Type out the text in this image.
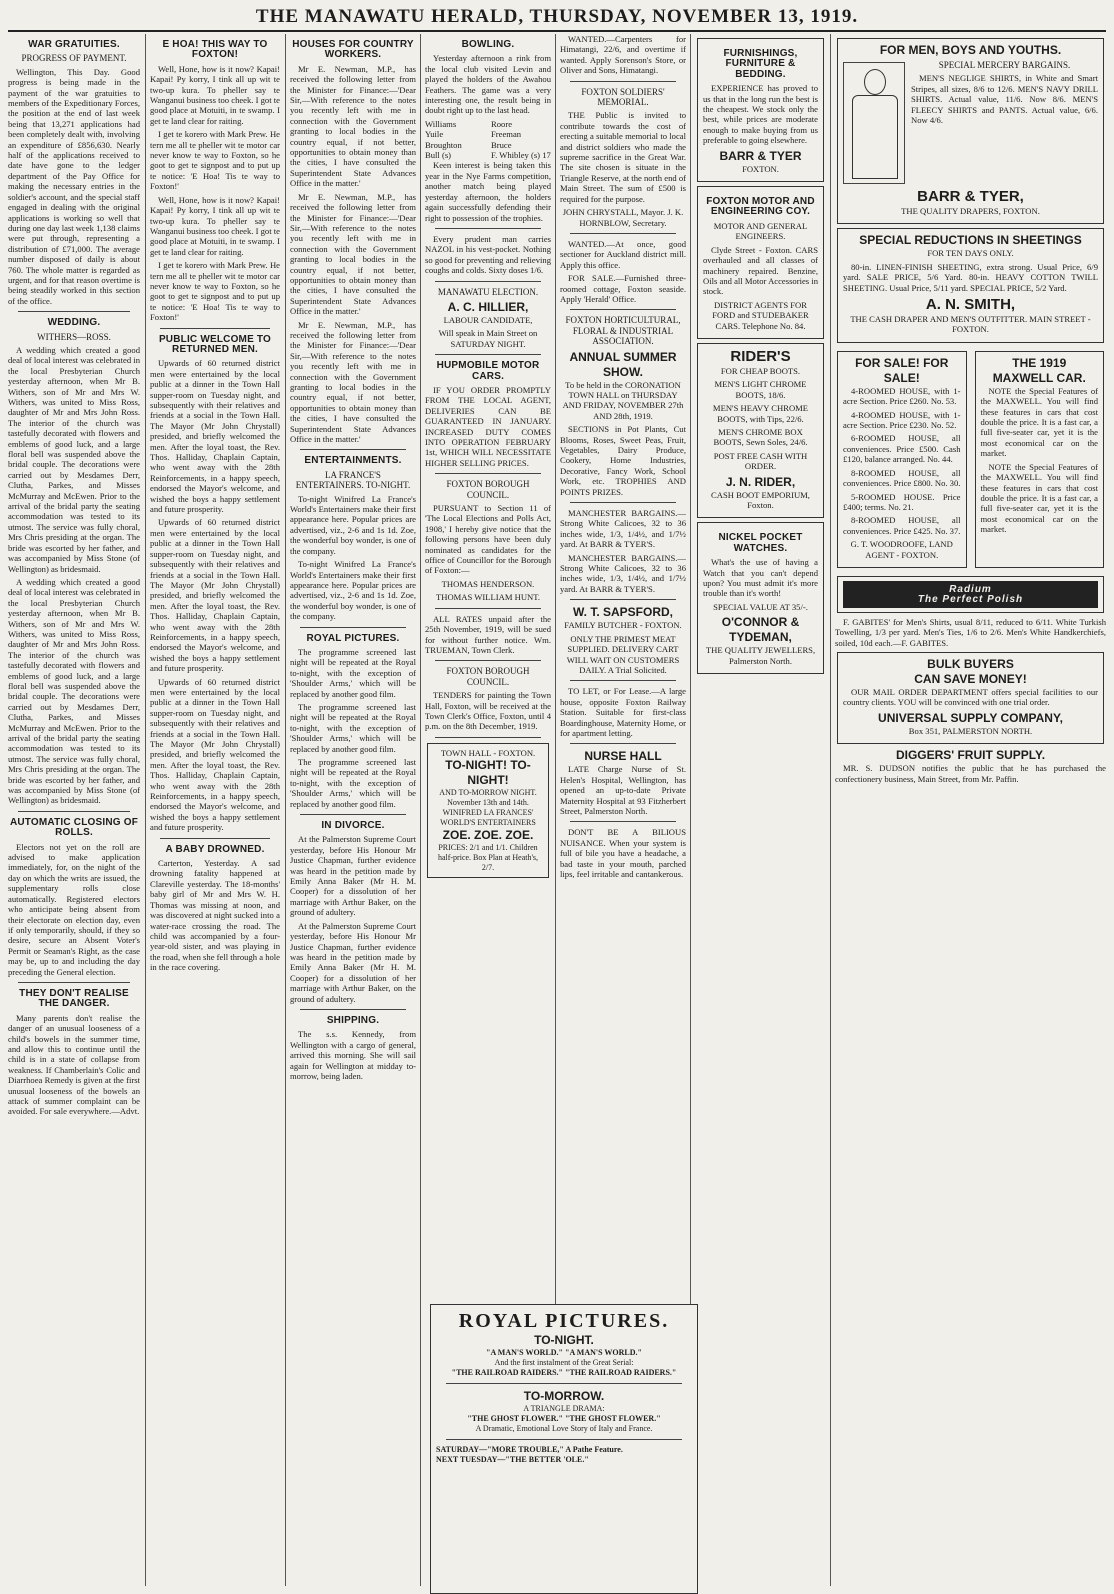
THE MANAWATU HERALD, THURSDAY, NOVEMBER 13, 1919.
WAR GRATUITIES.
PROGRESS OF PAYMENT.

Wellington, This Day. Good progress is being made in the payment of the war gratuities to members of the Expeditionary Forces, the position at the end of last week being that 13,271 applications had been completely dealt with, involving an expenditure of £856,630. Nearly half of the applications received to date have gone to the ledger department of the Pay Office for making the necessary entries in the soldier's account, and the special staff engaged in dealing with the original applications is working so well that during one day last week 1,138 claims were put through, representing a distribution of £71,000. The average number disposed of daily is about 760. The whole matter is regarded as urgent, and for that reason overtime is being steadily worked in this section of the office.

WEDDING.
WITHERS—ROSS.

A wedding which created a good deal of local interest was celebrated in the local Presbyterian Church yesterday afternoon, when Mr B. Withers, son of Mr and Mrs W. Withers, was united to Miss Ross, daughter of Mr and Mrs John Ross. The interior of the church was tastefully decorated with flowers and emblems of good luck, and a large floral bell was suspended above the bridal couple. The decorations were carried out by Mesdames Derr, Clutha, Parkes, and Misses McMurray and McEwen. Prior to the arrival of the bridal party the seating accommodation was tested to its utmost. The service was fully choral, Mrs Chris presiding at the organ. The bride was escorted by her father, and was accompanied by Miss Stone (of Wellington) as bridesmaid.

A wedding which created a good deal of local interest was celebrated in the local Presbyterian Church yesterday afternoon, when Mr B. Withers, son of Mr and Mrs W. Withers, was united to Miss Ross, daughter of Mr and Mrs John Ross. The interior of the church was tastefully decorated with flowers and emblems of good luck, and a large floral bell was suspended above the bridal couple. The decorations were carried out by Mesdames Derr, Clutha, Parkes, and Misses McMurray and McEwen. Prior to the arrival of the bridal party the seating accommodation was tested to its utmost. The service was fully choral, Mrs Chris presiding at the organ. The bride was escorted by her father, and was accompanied by Miss Stone (of Wellington) as bridesmaid.

AUTOMATIC CLOSING OF ROLLS.

Electors not yet on the roll are advised to make application immediately, for, on the night of the day on which the writs are issued, the supplementary rolls close automatically. Registered electors who anticipate being absent from their electorate on election day, even if only temporarily, should, if they so desire, secure an Absent Voter's Permit or Seaman's Right, as the case may be, up to and including the day preceding the General election.

THEY DON'T REALISE THE DANGER.

Many parents don't realise the danger of an unusual looseness of a child's bowels in the summer time, and allow this to continue until the child is in a state of collapse from weakness. If Chamberlain's Colic and Diarrhoea Remedy is given at the first unusual looseness of the bowels an attack of summer complaint can be avoided. For sale everywhere.—Advt.

E HOA! THIS WAY TO FOXTON!

Well, Hone, how is it now? Kapai! Kapai! Py korry, I tink all up wit te two-up kura. To pheller say te Wanganui business too cheek. I got te good place at Motuiti, in te swamp. I get te land clear for raiting.

I get te korero with Mark Prew. He tern me all te pheller wit te motor car never know te way to Foxton, so he goot to get te signpost and to put up te notice: 'E Hoa! Tis te way to Foxton!'

Well, Hone, how is it now? Kapai! Kapai! Py korry, I tink all up wit te two-up kura. To pheller say te Wanganui business too cheek. I got te good place at Motuiti, in te swamp. I get te land clear for raiting.

I get te korero with Mark Prew. He tern me all te pheller wit te motor car never know te way to Foxton, so he goot to get te signpost and to put up te notice: 'E Hoa! Tis te way to Foxton!'

PUBLIC WELCOME TO RETURNED MEN.

Upwards of 60 returned district men were entertained by the local public at a dinner in the Town Hall supper-room on Tuesday night, and subsequently with their relatives and friends at a social in the Town Hall. The Mayor (Mr John Chrystall) presided, and briefly welcomed the men. After the loyal toast, the Rev. Thos. Halliday, Chaplain Captain, who went away with the 28th Reinforcements, in a happy speech, endorsed the Mayor's welcome, and wished the boys a happy settlement and future prosperity.

Upwards of 60 returned district men were entertained by the local public at a dinner in the Town Hall supper-room on Tuesday night, and subsequently with their relatives and friends at a social in the Town Hall. The Mayor (Mr John Chrystall) presided, and briefly welcomed the men. After the loyal toast, the Rev. Thos. Halliday, Chaplain Captain, who went away with the 28th Reinforcements, in a happy speech, endorsed the Mayor's welcome, and wished the boys a happy settlement and future prosperity.

Upwards of 60 returned district men were entertained by the local public at a dinner in the Town Hall supper-room on Tuesday night, and subsequently with their relatives and friends at a social in the Town Hall. The Mayor (Mr John Chrystall) presided, and briefly welcomed the men. After the loyal toast, the Rev. Thos. Halliday, Chaplain Captain, who went away with the 28th Reinforcements, in a happy speech, endorsed the Mayor's welcome, and wished the boys a happy settlement and future prosperity.

A BABY DROWNED.

Carterton, Yesterday. A sad drowning fatality happened at Clareville yesterday. The 18-months' baby girl of Mr and Mrs W. H. Thomas was missing at noon, and was discovered at night sucked into a water-race crossing the road. The child was accompanied by a four-year-old sister, and was playing in the road, when she fell through a hole in the race covering.

HOUSES FOR COUNTRY WORKERS.

Mr E. Newman, M.P., has received the following letter from the Minister for Finance:—'Dear Sir,—With reference to the notes you recently left with me in connection with the Government granting to local bodies in the country equal, if not better, opportunities to obtain money than the cities, I have consulted the Superintendent State Advances Office in the matter.'

Mr E. Newman, M.P., has received the following letter from the Minister for Finance:—'Dear Sir,—With reference to the notes you recently left with me in connection with the Government granting to local bodies in the country equal, if not better, opportunities to obtain money than the cities, I have consulted the Superintendent State Advances Office in the matter.'

Mr E. Newman, M.P., has received the following letter from the Minister for Finance:—'Dear Sir,—With reference to the notes you recently left with me in connection with the Government granting to local bodies in the country equal, if not better, opportunities to obtain money than the cities, I have consulted the Superintendent State Advances Office in the matter.'

ENTERTAINMENTS.
LA FRANCE'S ENTERTAINERS. TO-NIGHT.

To-night Winifred La France's World's Entertainers make their first appearance here. Popular prices are advertised, viz., 2-6 and 1s 1d. Zoe, the wonderful boy wonder, is one of the company.

To-night Winifred La France's World's Entertainers make their first appearance here. Popular prices are advertised, viz., 2-6 and 1s 1d. Zoe, the wonderful boy wonder, is one of the company.

ROYAL PICTURES.

The programme screened last night will be repeated at the Royal to-night, with the exception of 'Shoulder Arms,' which will be replaced by another good film.

The programme screened last night will be repeated at the Royal to-night, with the exception of 'Shoulder Arms,' which will be replaced by another good film.

The programme screened last night will be repeated at the Royal to-night, with the exception of 'Shoulder Arms,' which will be replaced by another good film.

IN DIVORCE.

At the Palmerston Supreme Court yesterday, before His Honour Mr Justice Chapman, further evidence was heard in the petition made by Emily Anna Baker (Mr H. M. Cooper) for a dissolution of her marriage with Arthur Baker, on the ground of adultery.

At the Palmerston Supreme Court yesterday, before His Honour Mr Justice Chapman, further evidence was heard in the petition made by Emily Anna Baker (Mr H. M. Cooper) for a dissolution of her marriage with Arthur Baker, on the ground of adultery.

SHIPPING.

The s.s. Kennedy, from Wellington with a cargo of general, arrived this morning. She will sail again for Wellington at midday to-morrow, being laden.

BOWLING.

Yesterday afternoon a rink from the local club visited Levin and played the holders of the Awahou Feathers. The game was a very interesting one, the result being in doubt right up to the last head.

Williams
Yuile
Broughton
Bull (s)
Roore
Freeman
Bruce
F. Whibley (s) 17

Keen interest is being taken this year in the Nye Farms competition, another match being played yesterday afternoon, the holders again successfully defending their right to possession of the trophies.

Every prudent man carries NAZOL in his vest-pocket. Nothing so good for preventing and relieving coughs and colds. Sixty doses 1/6.

MANAWATU ELECTION.
A. C. HILLIER,

LABOUR CANDIDATE,

Will speak in Main Street on SATURDAY NIGHT.

HUPMOBILE MOTOR CARS.

IF YOU ORDER PROMPTLY FROM THE LOCAL AGENT, DELIVERIES CAN BE GUARANTEED IN JANUARY. INCREASED DUTY COMES INTO OPERATION FEBRUARY 1st, WHICH WILL NECESSITATE HIGHER SELLING PRICES.

FOXTON BOROUGH COUNCIL.

PURSUANT to Section 11 of 'The Local Elections and Polls Act, 1908,' I hereby give notice that the following persons have been duly nominated as candidates for the office of Councillor for the Borough of Foxton:—

THOMAS HENDERSON.

THOMAS WILLIAM HUNT.

ALL RATES unpaid after the 25th November, 1919, will be sued for without further notice. Wm. TRUEMAN, Town Clerk.

FOXTON BOROUGH COUNCIL.

TENDERS for painting the Town Hall, Foxton, will be received at the Town Clerk's Office, Foxton, until 4 p.m. on the 8th December, 1919.

TOWN HALL - FOXTON.
TO-NIGHT! TO-NIGHT!
AND TO-MORROW NIGHT. November 13th and 14th. WINIFRED LA FRANCES' WORLD'S ENTERTAINERS
ZOE. ZOE. ZOE.
PRICES: 2/1 and 1/1. Children half-price. Box Plan at Heath's, 2/7.

WANTED.—Carpenters for Himatangi, 22/6, and overtime if wanted. Apply Sorenson's Store, or Oliver and Sons, Himatangi.

FOXTON SOLDIERS' MEMORIAL.

THE Public is invited to contribute towards the cost of erecting a suitable memorial to local and district soldiers who made the supreme sacrifice in the Great War. The site chosen is situate in the Triangle Reserve, at the north end of Main Street. The sum of £500 is required for the purpose.

JOHN CHRYSTALL, Mayor. J. K. HORNBLOW, Secretary.

WANTED.—At once, good sectioner for Auckland district mill. Apply this office.

FOR SALE.—Furnished three-roomed cottage, Foxton seaside. Apply 'Herald' Office.

FOXTON HORTICULTURAL, FLORAL & INDUSTRIAL ASSOCIATION.
ANNUAL SUMMER SHOW.

To be held in the CORONATION TOWN HALL on THURSDAY AND FRIDAY, NOVEMBER 27th AND 28th, 1919.

SECTIONS in Pot Plants, Cut Blooms, Roses, Sweet Peas, Fruit, Vegetables, Dairy Produce, Cookery, Home Industries, Decorative, Fancy Work, School Work, etc. TROPHIES AND POINTS PRIZES.

MANCHESTER BARGAINS.—Strong White Calicoes, 32 to 36 inches wide, 1/3, 1/4½, and 1/7½ yard. At BARR & TYER'S.

MANCHESTER BARGAINS.—Strong White Calicoes, 32 to 36 inches wide, 1/3, 1/4½, and 1/7½ yard. At BARR & TYER'S.

W. T. SAPSFORD,

FAMILY BUTCHER - FOXTON.

ONLY THE PRIMEST MEAT SUPPLIED. DELIVERY CART WILL WAIT ON CUSTOMERS DAILY. A Trial Solicited.

TO LET, or For Lease.—A large house, opposite Foxton Railway Station. Suitable for first-class Boardinghouse, Maternity Home, or for apartment letting.

NURSE HALL

LATE Charge Nurse of St. Helen's Hospital, Wellington, has opened an up-to-date Private Maternity Hospital at 93 Fitzherbert Street, Palmerston North.

DON'T BE A BILIOUS NUISANCE. When your system is full of bile you have a headache, a bad taste in your mouth, parched lips, feel irritable and cantankerous.

FURNISHINGS, FURNITURE & BEDDING.

EXPERIENCE has proved to us that in the long run the best is the cheapest. We stock only the best, while prices are moderate enough to make buying from us preferable to going elsewhere.

BARR & TYER

FOXTON.

FOXTON MOTOR AND ENGINEERING COY.

MOTOR AND GENERAL ENGINEERS.

Clyde Street - Foxton. CARS overhauled and all classes of machinery repaired. Benzine, Oils and all Motor Accessories in stock.

DISTRICT AGENTS FOR FORD and STUDEBAKER CARS. Telephone No. 84.

RIDER'S

FOR CHEAP BOOTS.

MEN'S LIGHT CHROME BOOTS, 18/6.

MEN'S HEAVY CHROME BOOTS, with Tips, 22/6.

MEN'S CHROME BOX BOOTS, Sewn Soles, 24/6.

POST FREE CASH WITH ORDER.

J. N. RIDER,

CASH BOOT EMPORIUM, Foxton.

NICKEL POCKET WATCHES.

What's the use of having a Watch that you can't depend upon? You must admit it's more trouble than it's worth!

SPECIAL VALUE AT 35/-.

O'CONNOR & TYDEMAN,

THE QUALITY JEWELLERS, Palmerston North.

FOR MEN, BOYS AND YOUTHS.
SPECIAL MERCERY BARGAINS.

MEN'S NEGLIGE SHIRTS, in White and Smart Stripes, all sizes, 8/6 to 12/6. MEN'S NAVY DRILL SHIRTS. Actual value, 11/6. Now 8/6. MEN'S FLEECY SHIRTS and PANTS. Actual value, 6/6. Now 4/6.

BARR & TYER,

THE QUALITY DRAPERS, FOXTON.

SPECIAL REDUCTIONS IN SHEETINGS

FOR TEN DAYS ONLY.

80-in. LINEN-FINISH SHEETING, extra strong. Usual Price, 6/9 yard. SALE PRICE, 5/6 Yard. 80-in. HEAVY COTTON TWILL SHEETING. Usual Price, 5/11 yard. SPECIAL PRICE, 5/2 Yard.

A. N. SMITH,

THE CASH DRAPER AND MEN'S OUTFITTER. MAIN STREET - FOXTON.

FOR SALE! FOR SALE!

4-ROOMED HOUSE, with 1-acre Section. Price £260. No. 53.

4-ROOMED HOUSE, with 1-acre Section. Price £230. No. 52.

6-ROOMED HOUSE, all conveniences. Price £500. Cash £120, balance arranged. No. 44.

8-ROOMED HOUSE, all conveniences. Price £800. No. 30.

5-ROOMED HOUSE. Price £400; terms. No. 21.

8-ROOMED HOUSE, all conveniences. Price £425. No. 37.

G. T. WOODROOFE, LAND AGENT - FOXTON.

THE 1919 MAXWELL CAR.

NOTE the Special Features of the MAXWELL. You will find these features in cars that cost double the price. It is a fast car, a full five-seater car, yet it is the most economical car on the market.

NOTE the Special Features of the MAXWELL. You will find these features in cars that cost double the price. It is a fast car, a full five-seater car, yet it is the most economical car on the market.

Radium
The Perfect Polish

F. GABITES' for Men's Shirts, usual 8/11, reduced to 6/11. White Turkish Towelling, 1/3 per yard. Men's Ties, 1/6 to 2/6. Men's White Handkerchiefs, soiled, 10d each.—F. GABITES.

BULK BUYERS
CAN SAVE MONEY!

OUR MAIL ORDER DEPARTMENT offers special facilities to our country clients. YOU will be convinced with one trial order.

UNIVERSAL SUPPLY COMPANY,

Box 351, PALMERSTON NORTH.

DIGGERS' FRUIT SUPPLY.

MR. S. DUDSON notifies the public that he has purchased the confectionery business, Main Street, from Mr. Paffin.

ROYAL PICTURES.
TO-NIGHT.
"A MAN'S WORLD." "A MAN'S WORLD."
And the first instalment of the Great Serial:
"THE RAILROAD RAIDERS." "THE RAILROAD RAIDERS."
TO-MORROW.
A TRIANGLE DRAMA:
"THE GHOST FLOWER." "THE GHOST FLOWER."
A Dramatic, Emotional Love Story of Italy and France.
SATURDAY—"MORE TROUBLE," A Pathe Feature.
NEXT TUESDAY—"THE BETTER 'OLE."
